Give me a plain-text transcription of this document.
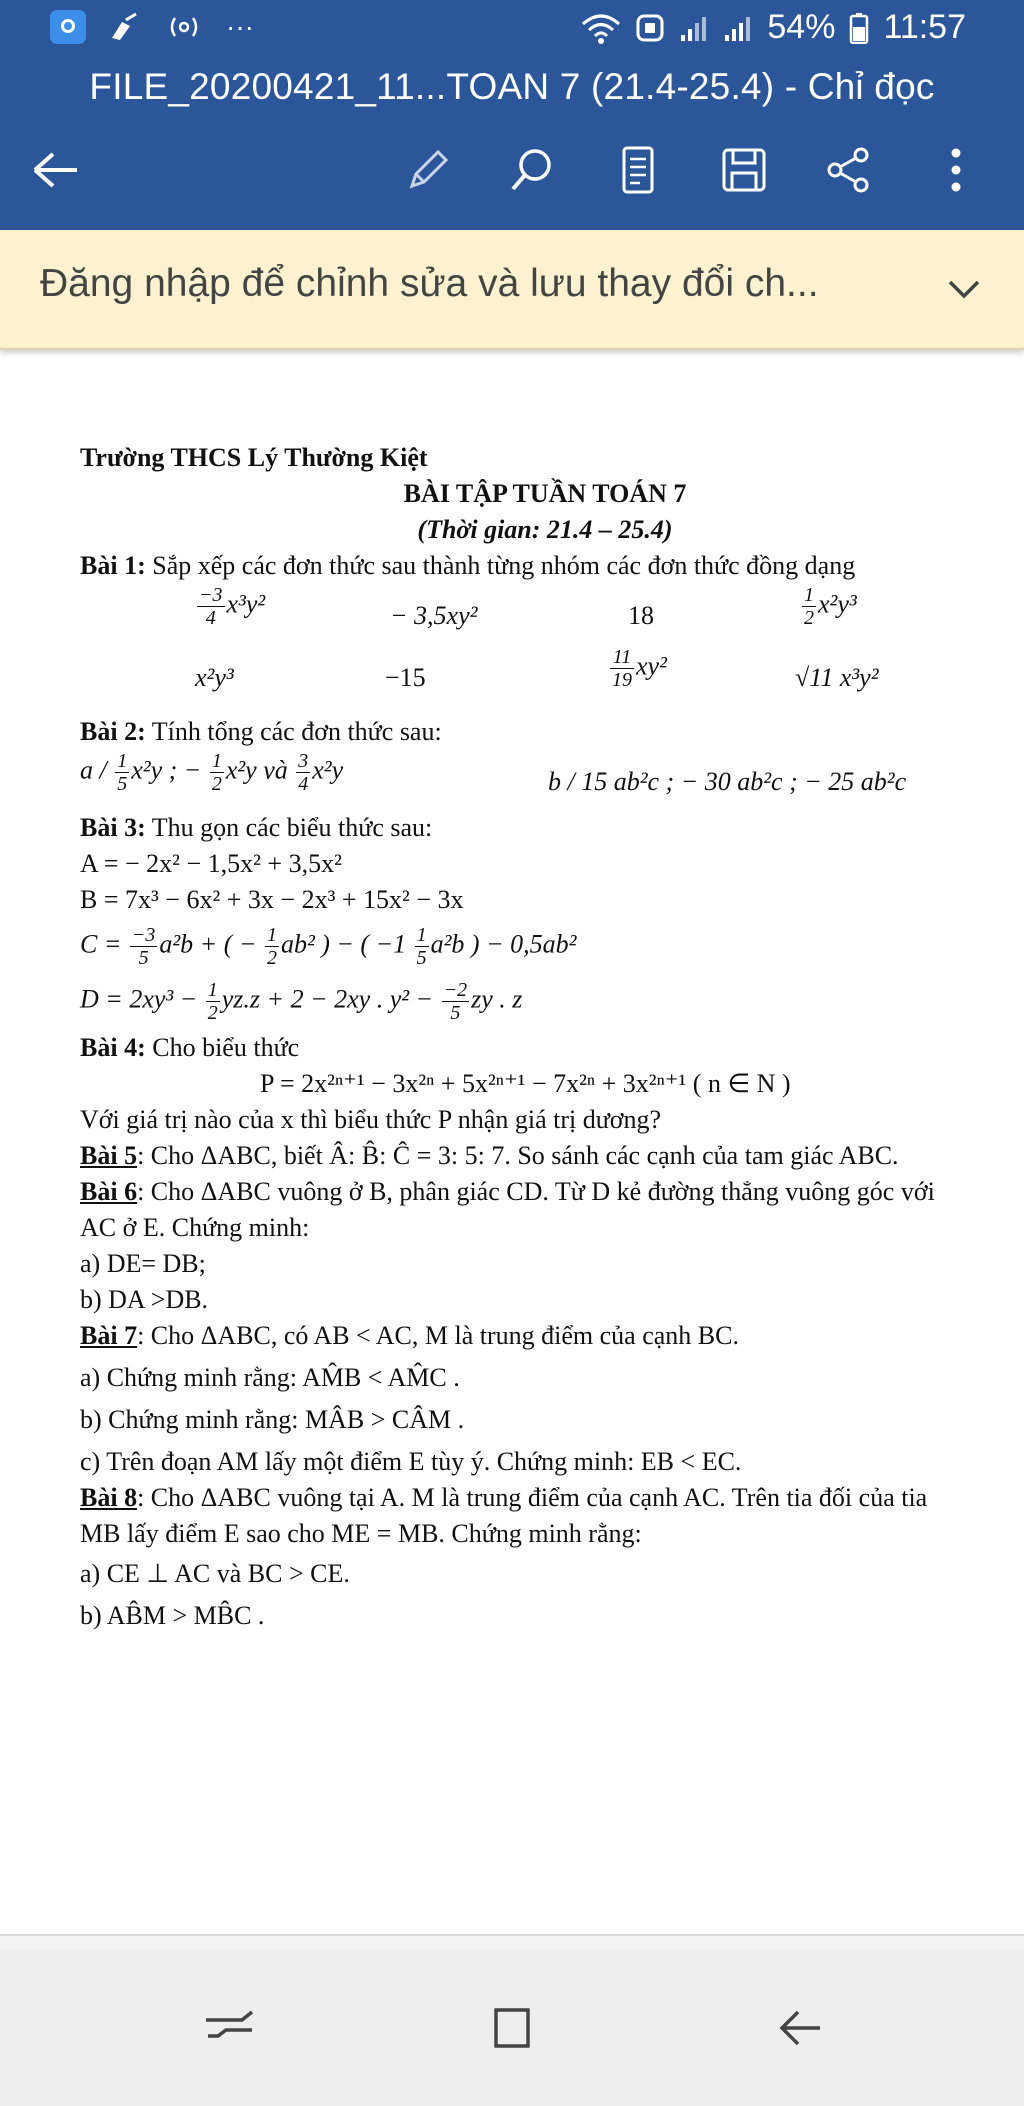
···	54% 11:57
FILE_20200421_11...TOAN 7 (21.4-25.4) - Chỉ đọc
Đăng nhập để chỉnh sửa và lưu thay đổi ch...
Trường THCS Lý Thường Kiệt
BÀI TẬP TUẦN TOÁN 7
(Thời gian: 21.4 – 25.4)
Bài 1: Sắp xếp các đơn thức sau thành từng nhóm các đơn thức đồng dạng
$\frac{-3}{4} x^3y^2$	− 3,5xy²	18	$\frac{1}{2} x^2y^3$
x²y³	−15	$\frac{11}{19} xy^2$	√11 x³y²
Bài 2: Tính tổng các đơn thức sau:
a / $\frac{1}{5} x^2y$ ; − $\frac{1}{2} x^2y$ và $\frac{3}{4} x^2y$	b / 15 ab²c ; − 30 ab²c ; − 25 ab²c
Bài 3: Thu gọn các biểu thức sau:
A = − 2x² − 1,5x² + 3,5x²
B = 7x³ − 6x² + 3x − 2x³ + 15x² − 3x
$C = \frac{-3}{5} a^2b$ + ( − $\frac{1}{2} ab^2$ ) − ( $-1 \frac{1}{5} a^2b$ ) − 0,5ab²
$D = 2xy^3 - \frac{1}{2} yz.z + 2 - 2xy$ . $y^2 - \frac{-2}{5}$ zy . z
Bài 4: Cho biểu thức
P = 2x²ⁿ⁺¹ − 3x²ⁿ + 5x²ⁿ⁺¹ − 7x²ⁿ + 3x²ⁿ⁺¹ ( n ∈ N )
Với giá trị nào của x thì biểu thức P nhận giá trị dương?
Bài 5: Cho ΔABC, biết Â: B̂: Ĉ = 3: 5: 7. So sánh các cạnh của tam giác ABC.
Bài 6: Cho ΔABC vuông ở B, phân giác CD. Từ D kẻ đường thẳng vuông góc với
AC ở E. Chứng minh:
a) DE= DB;
b) DA >DB.
Bài 7: Cho ΔABC, có AB < AC, M là trung điểm của cạnh BC.
a) Chứng minh rằng: AM̂B < AM̂C .
b) Chứng minh rằng: MÂB > CÂM .
c) Trên đoạn AM lấy một điểm E tùy ý. Chứng minh: EB < EC.
Bài 8: Cho ΔABC vuông tại A. M là trung điểm của cạnh AC. Trên tia đối của tia
MB lấy điểm E sao cho ME = MB. Chứng minh rằng:
a) CE ⊥ AC và BC > CE.
b) AB̂M > MB̂C .
